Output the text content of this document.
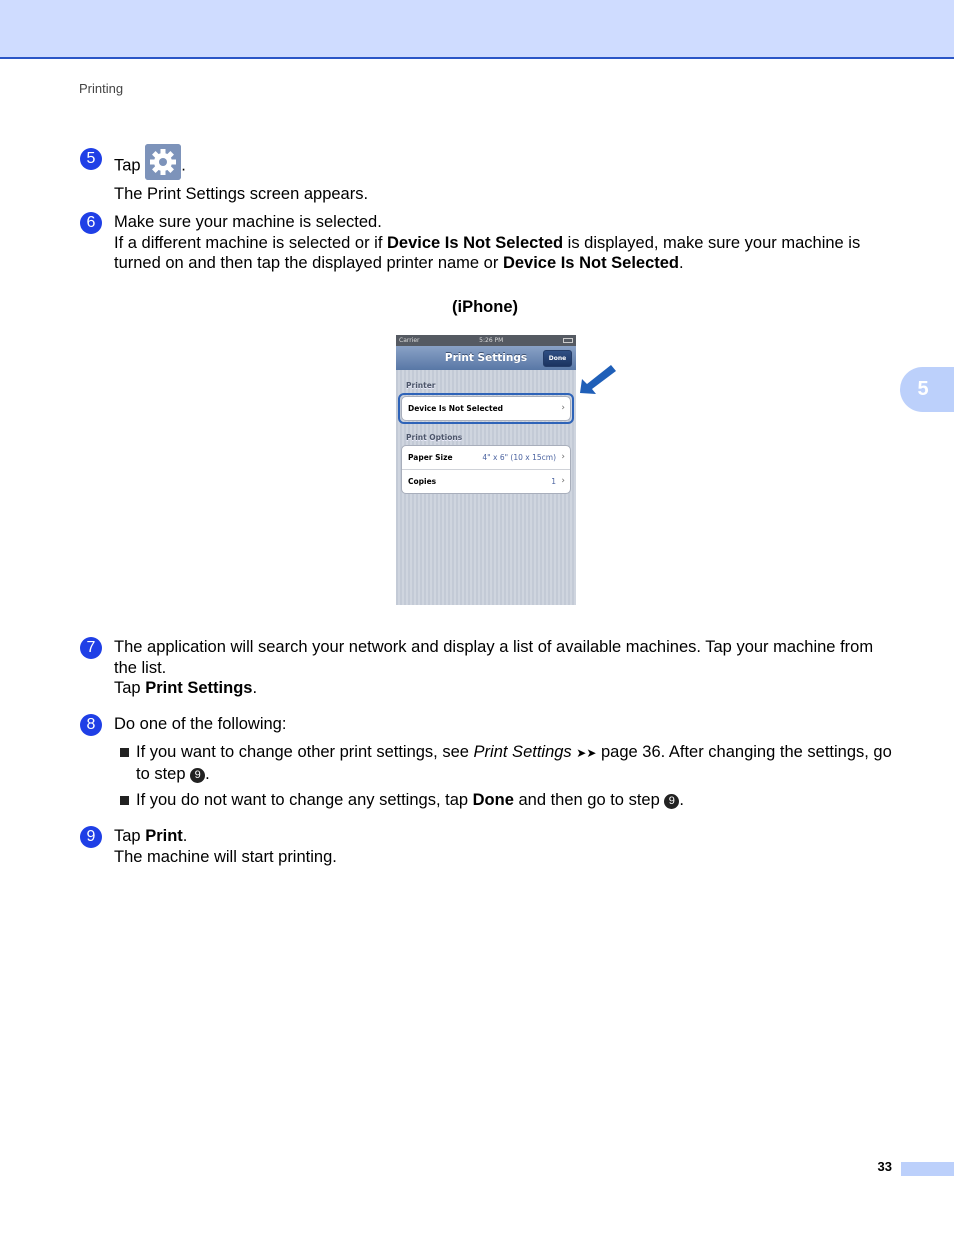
Printing
5
5	Tap .
The Print Settings screen appears.
6	Make sure your machine is selected.
If a different machine is selected or if Device Is Not Selected is displayed, make sure your machine is turned on and then tap the displayed printer name or Device Is Not Selected.
(iPhone)
Carrier	5:26 PM
Print Settings	Done
Printer
Device Is Not Selected	›
Print Options
Paper Size	4" x 6" (10 x 15cm) ›
Copies	1 ›
7	The application will search your network and display a list of available machines. Tap your machine from the list.
Tap Print Settings.
8	Do one of the following:
If you want to change other print settings, see Print Settings ➤➤ page 36. After changing the settings, go to step 9 .
If you do not want to change any settings, tap Done and then go to step 9 .
9	Tap Print.
The machine will start printing.
33
